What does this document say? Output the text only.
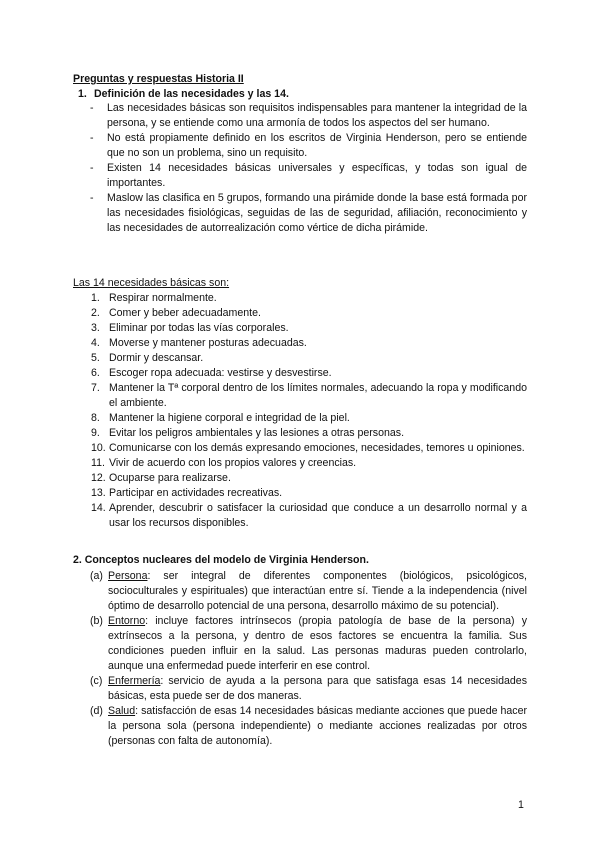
Preguntas y respuestas Historia II
1. Definición de las necesidades y las 14.
-	Las necesidades básicas son requisitos indispensables para mantener la integridad de la persona, y se entiende como una armonía de todos los aspectos del ser humano.
-	No está propiamente definido en los escritos de Virginia Henderson, pero se entiende que no son un problema, sino un requisito.
-	Existen 14 necesidades básicas universales y específicas, y todas son igual de importantes.
-	Maslow las clasifica en 5 grupos, formando una pirámide donde la base está formada por las necesidades fisiológicas, seguidas de las de seguridad, afiliación, reconocimiento y las necesidades de autorrealización como vértice de dicha pirámide.
Las 14 necesidades básicas son:
1. Respirar normalmente.
2. Comer y beber adecuadamente.
3. Eliminar por todas las vías corporales.
4. Moverse y mantener posturas adecuadas.
5. Dormir y descansar.
6. Escoger ropa adecuada: vestirse y desvestirse.
7. Mantener la Tª corporal dentro de los límites normales, adecuando la ropa y modificando el ambiente.
8. Mantener la higiene corporal e integridad de la piel.
9. Evitar los peligros ambientales y las lesiones a otras personas.
10. Comunicarse con los demás expresando emociones, necesidades, temores u opiniones.
11. Vivir de acuerdo con los propios valores y creencias.
12. Ocuparse para realizarse.
13. Participar en actividades recreativas.
14. Aprender, descubrir o satisfacer la curiosidad que conduce a un desarrollo normal y a usar los recursos disponibles.
2. Conceptos nucleares del modelo de Virginia Henderson.
(a) Persona: ser integral de diferentes componentes (biológicos, psicológicos, socioculturales y espirituales) que interactúan entre sí. Tiende a la independencia (nivel óptimo de desarrollo potencial de una persona, desarrollo máximo de su potencial).
(b) Entorno: incluye factores intrínsecos (propia patología de base de la persona) y extrínsecos a la persona, y dentro de esos factores se encuentra la familia. Sus condiciones pueden influir en la salud. Las personas maduras pueden controlarlo, aunque una enfermedad puede interferir en ese control.
(c) Enfermería: servicio de ayuda a la persona para que satisfaga esas 14 necesidades básicas, esta puede ser de dos maneras.
(d) Salud: satisfacción de esas 14 necesidades básicas mediante acciones que puede hacer la persona sola (persona independiente) o mediante acciones realizadas por otros (personas con falta de autonomía).
1
